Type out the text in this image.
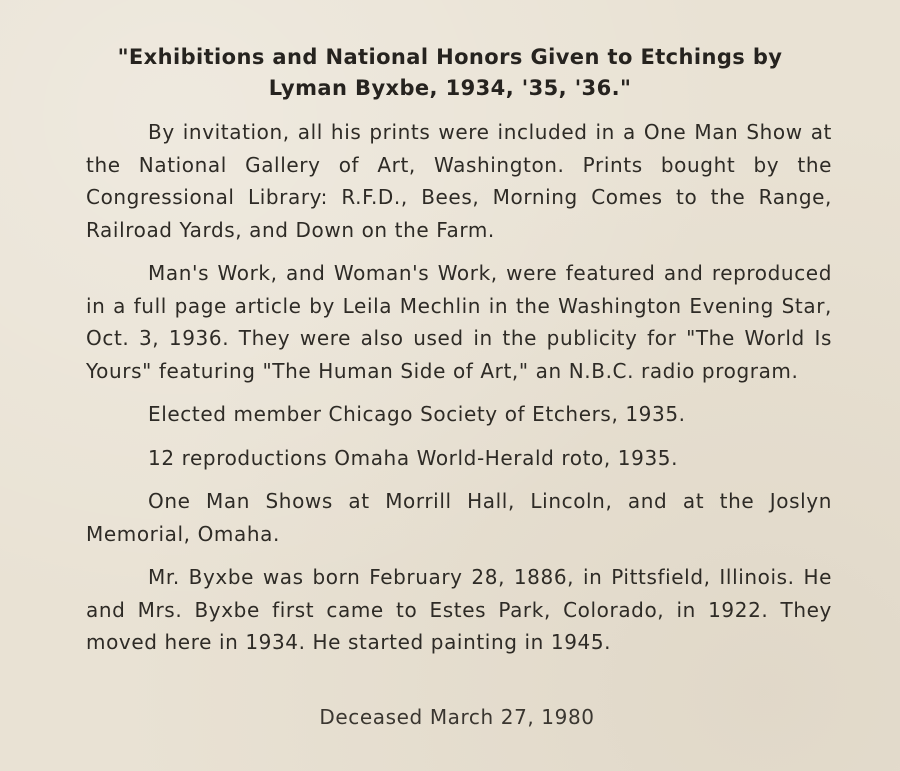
"Exhibitions and National Honors Given to Etchings by
Lyman Byxbe, 1934, '35, '36."

By invitation, all his prints were included in a One Man Show at the National Gallery of Art, Washington. Prints bought by the Congressional Library: R.F.D., Bees, Morning Comes to the Range, Railroad Yards, and Down on the Farm.

Man's Work, and Woman's Work, were featured and reproduced in a full page article by Leila Mechlin in the Washington Evening Star, Oct. 3, 1936. They were also used in the publicity for "The World Is Yours" featuring "The Human Side of Art," an N.B.C. radio program.

Elected member Chicago Society of Etchers, 1935.

12 reproductions Omaha World-Herald roto, 1935.

One Man Shows at Morrill Hall, Lincoln, and at the Joslyn Memorial, Omaha.

Mr. Byxbe was born February 28, 1886, in Pittsfield, Illinois. He and Mrs. Byxbe first came to Estes Park, Colorado, in 1922. They moved here in 1934. He started painting in 1945.

Deceased March 27, 1980
